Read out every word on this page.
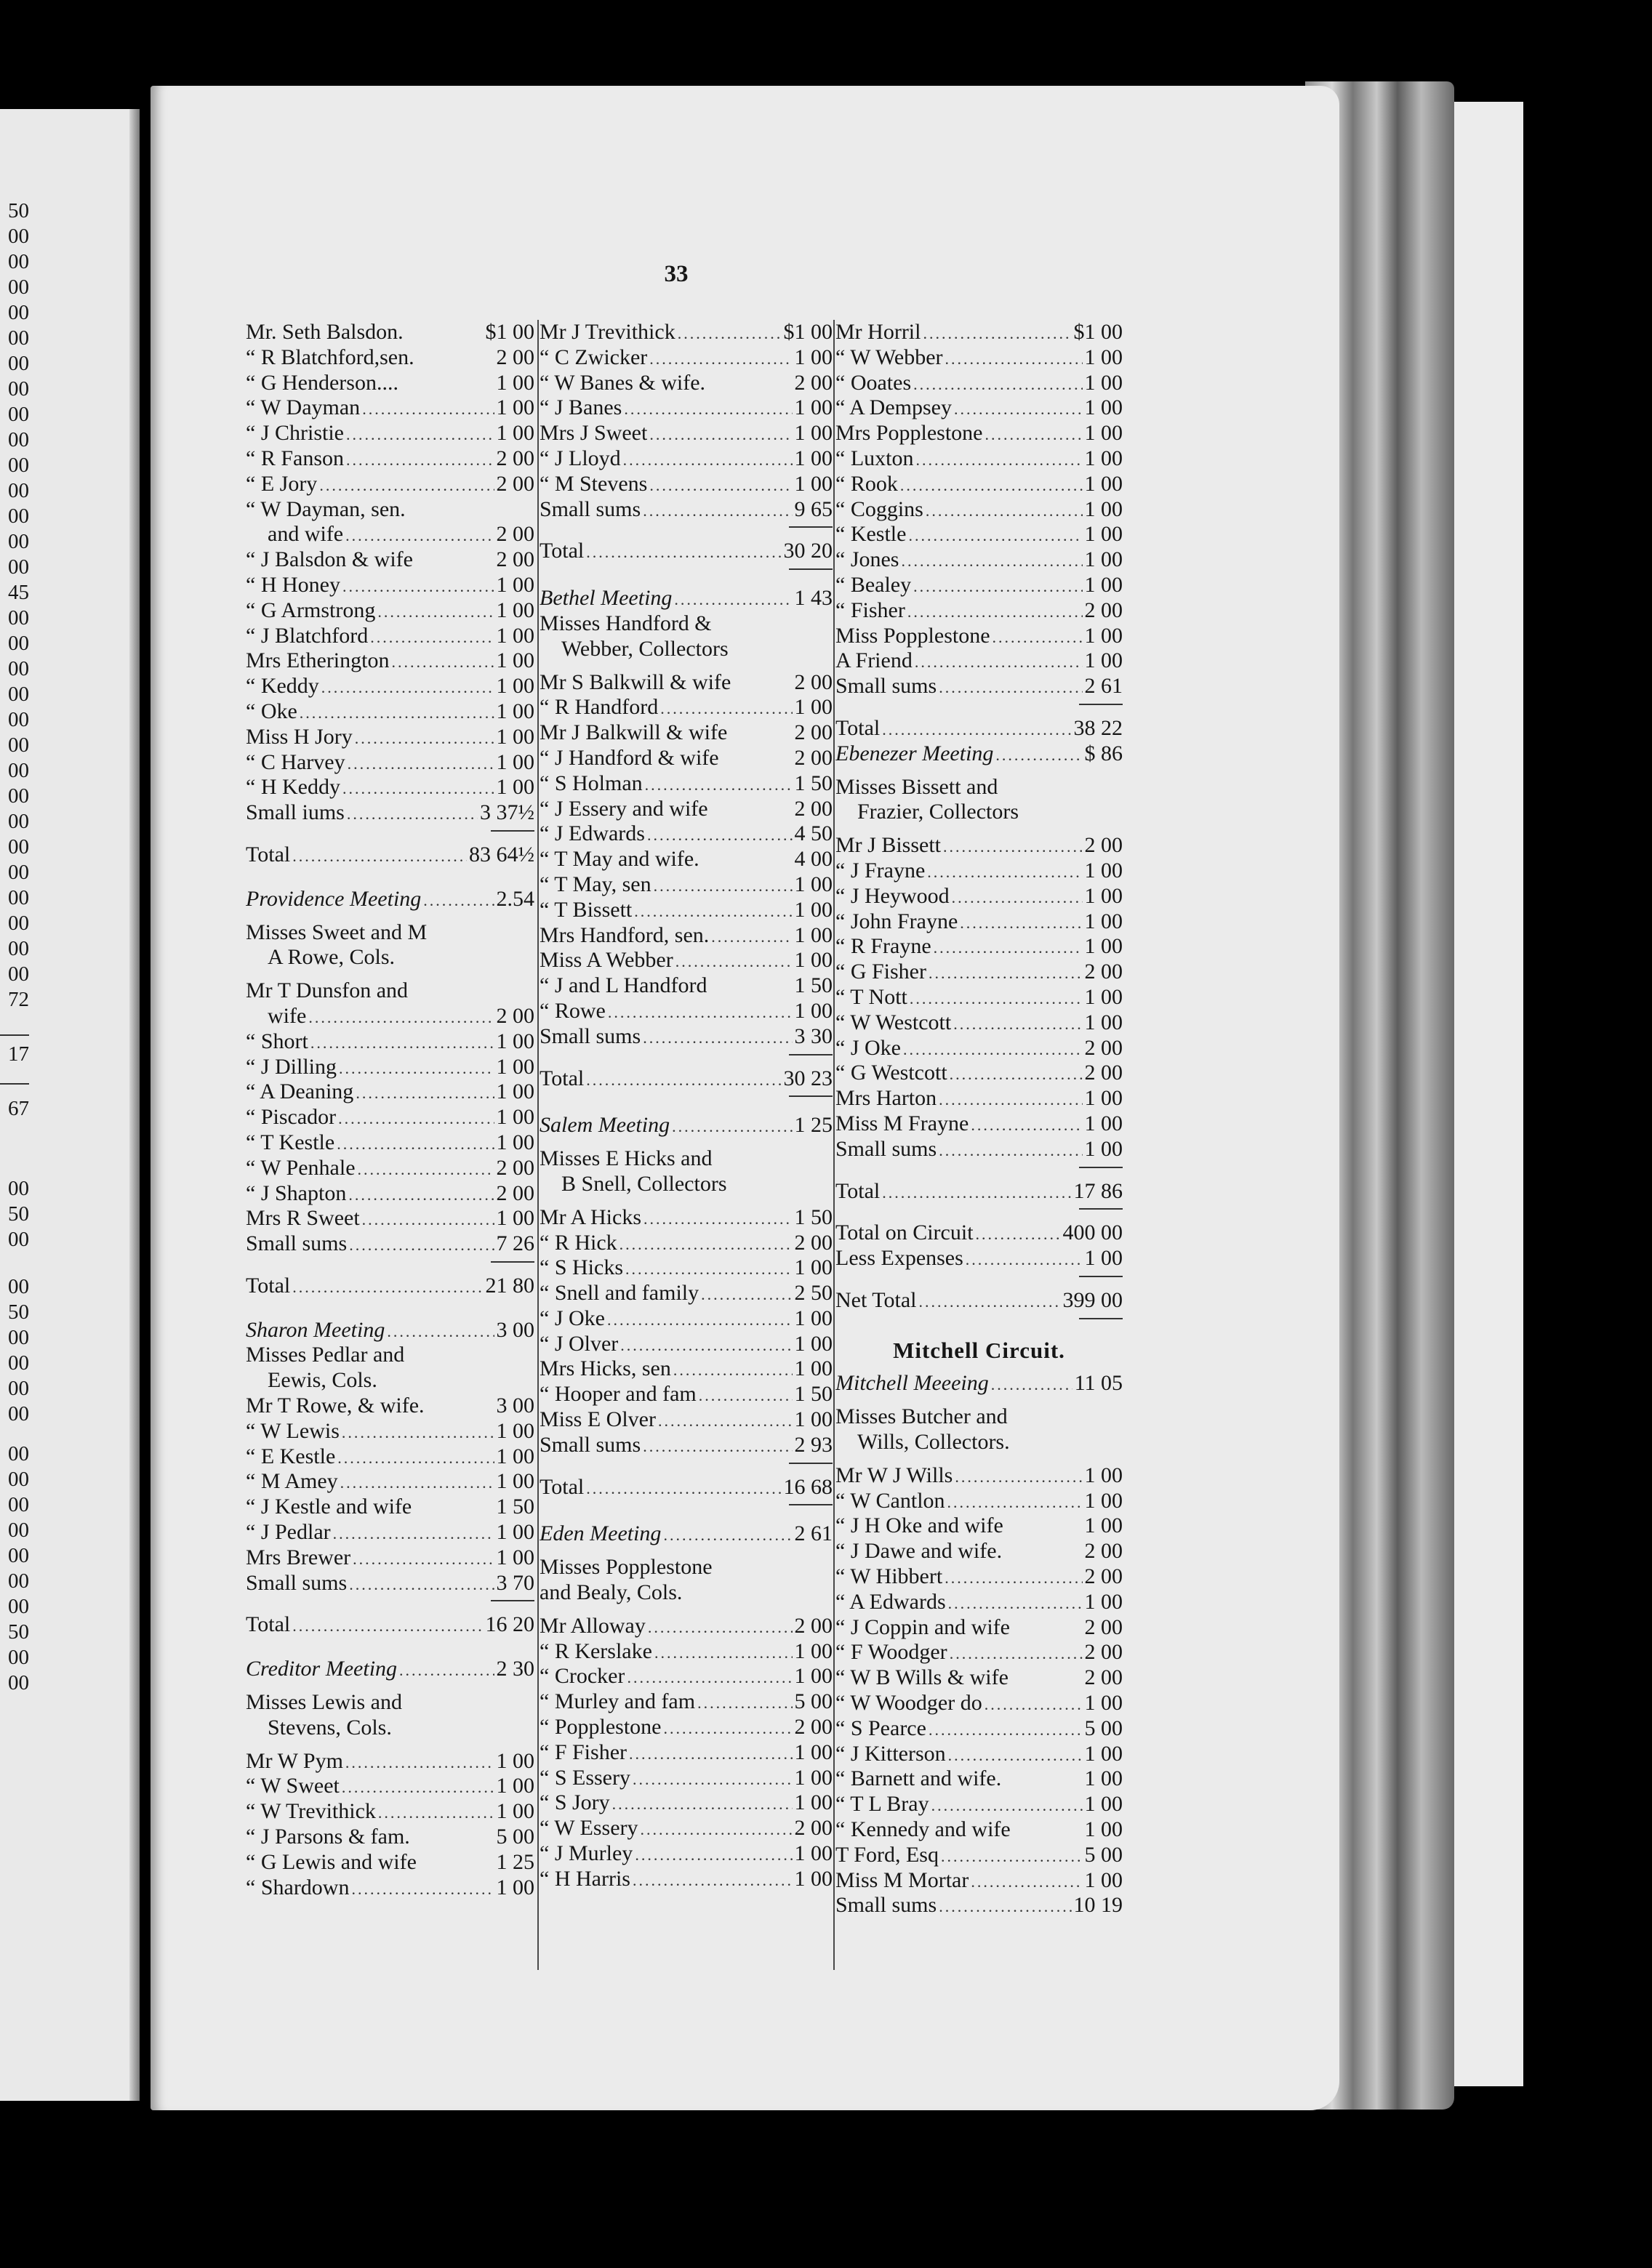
50
00
00
00
00
00
00
00
00
00
00
00
00
00
00
45
00
00
00
00
00
00
00
00
00
00
00
00
00
00
00
72
17
67
00
50
00
00
50
00
00
00
00
00
00
00
00
00
00
00
50
00
00
33
Mr. Seth Balsdon.	$1 00
“ R Blatchford,sen.	2 00
“ G Henderson....	1 00
“ W Dayman .....	1 00
“ J Christie .....	1 00
“ R Fanson .....	2 00
“ E Jory .....	2 00
“ W Dayman, sen.
and wife .....	2 00
“ J Balsdon & wife	2 00
“ H Honey .....	1 00
“ G Armstrong .....	1 00
“ J Blatchford .....	1 00
Mrs Etherington .....	1 00
“ Keddy .....	1 00
“ Oke .....	1 00
Miss H Jory .....	1 00
“ C Harvey .....	1 00
“ H Keddy .....	1 00
Small iums .....	3 37½
Total .....	83 64½
Providence Meeting .....	2.54
Misses Sweet and M
A Rowe, Cols.
Mr T Dunsfon and
wife .....	2 00
“ Short .....	1 00
“ J Dilling .....	1 00
“ A Deaning .....	1 00
“ Piscador .....	1 00
“ T Kestle .....	1 00
“ W Penhale .....	2 00
“ J Shapton .....	2 00
Mrs R Sweet .....	1 00
Small sums .....	7 26
Total .....	21 80
Sharon Meeting .....	3 00
Misses Pedlar and
Eewis, Cols.
Mr T Rowe, & wife.	3 00
“ W Lewis .....	1 00
“ E Kestle .....	1 00
“ M Amey .....	1 00
“ J Kestle and wife	1 50
“ J Pedlar .....	1 00
Mrs Brewer .....	1 00
Small sums .....	3 70
Total .....	16 20
Creditor Meeting .....	2 30
Misses Lewis and
Stevens, Cols.
Mr W Pym .....	1 00
“ W Sweet .....	1 00
“ W Trevithick .....	1 00
“ J Parsons & fam.	5 00
“ G Lewis and wife	1 25
“ Shardown .....	1 00
Mr J Trevithick .....	$1 00
“ C Zwicker .....	1 00
“ W Banes & wife.	2 00
“ J Banes .....	1 00
Mrs J Sweet .....	1 00
“ J Lloyd .....	1 00
“ M Stevens .....	1 00
Small sums .....	9 65
Total .....	30 20
Bethel Meeting .....	1 43
Misses Handford &
Webber, Collectors
Mr S Balkwill & wife	2 00
“ R Handford .....	1 00
Mr J Balkwill & wife	2 00
“ J Handford & wife	2 00
“ S Holman .....	1 50
“ J Essery and wife	2 00
“ J Edwards .....	4 50
“ T May and wife.	4 00
“ T May, sen .....	1 00
“ T Bissett .....	1 00
Mrs Handford, sen. .....	1 00
Miss A Webber .....	1 00
“ J and L Handford	1 50
“ Rowe .....	1 00
Small sums .....	3 30
Total .....	30 23
Salem Meeting .....	1 25
Misses E Hicks and
B Snell, Collectors
Mr A Hicks .....	1 50
“ R Hick .....	2 00
“ S Hicks .....	1 00
“ Snell and family .....	2 50
“ J Oke .....	1 00
“ J Olver .....	1 00
Mrs Hicks, sen .....	1 00
“ Hooper and fam .....	1 50
Miss E Olver .....	1 00
Small sums .....	2 93
Total .....	16 68
Eden Meeting .....	2 61
Misses Popplestone
and Bealy, Cols.
Mr Alloway .....	2 00
“ R Kerslake .....	1 00
“ Crocker .....	1 00
“ Murley and fam .....	5 00
“ Popplestone .....	2 00
“ F Fisher .....	1 00
“ S Essery .....	1 00
“ S Jory .....	1 00
“ W Essery .....	2 00
“ J Murley .....	1 00
“ H Harris .....	1 00
Mr Horril .....	$1 00
“ W Webber .....	1 00
“ Ooates .....	1 00
“ A Dempsey .....	1 00
Mrs Popplestone .....	1 00
“ Luxton .....	1 00
“ Rook .....	1 00
“ Coggins .....	1 00
“ Kestle .....	1 00
“ Jones .....	1 00
“ Bealey .....	1 00
“ Fisher .....	2 00
Miss Popplestone .....	1 00
A Friend .....	1 00
Small sums .....	2 61
Total .....	38 22
Ebenezer Meeting .....	$ 86
Misses Bissett and
Frazier, Collectors
Mr J Bissett .....	2 00
“ J Frayne .....	1 00
“ J Heywood .....	1 00
“ John Frayne .....	1 00
“ R Frayne .....	1 00
“ G Fisher .....	2 00
“ T Nott .....	1 00
“ W Westcott .....	1 00
“ J Oke .....	2 00
“ G Westcott .....	2 00
Mrs Harton .....	1 00
Miss M Frayne .....	1 00
Small sums .....	1 00
Total .....	17 86
Total on Circuit .....	400 00
Less Expenses .....	1 00
Net Total .....	399 00
Mitchell Circuit.
Mitchell Meeeing .....	11 05
Misses Butcher and
Wills, Collectors.
Mr W J Wills .....	1 00
“ W Cantlon .....	1 00
“ J H Oke and wife	1 00
“ J Dawe and wife.	2 00
“ W Hibbert .....	2 00
“ A Edwards .....	1 00
“ J Coppin and wife	2 00
“ F Woodger .....	2 00
“ W B Wills & wife	2 00
“ W Woodger do .....	1 00
“ S Pearce .....	5 00
“ J Kitterson .....	1 00
“ Barnett and wife.	1 00
“ T L Bray .....	1 00
“ Kennedy and wife	1 00
T Ford, Esq .....	5 00
Miss M Mortar .....	1 00
Small sums .....	10 19
